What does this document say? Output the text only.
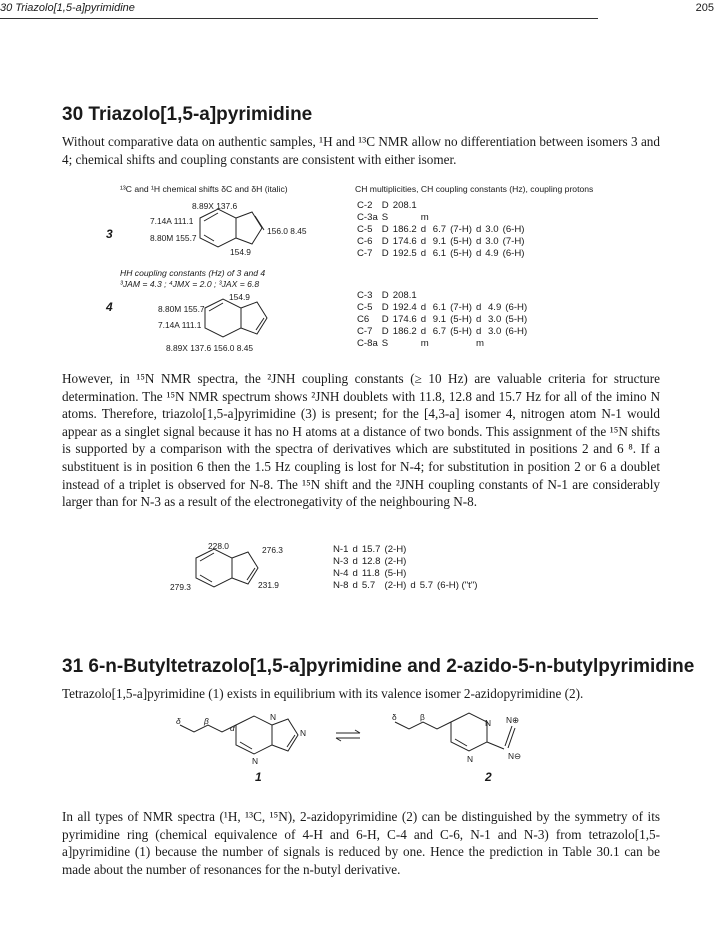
30 Triazolo[1,5-a]pyrimidine	205
30 Triazolo[1,5-a]pyrimidine
Without comparative data on authentic samples, ¹H and ¹³C NMR allow no differentiation between isomers 3 and 4; chemical shifts and coupling constants are consistent with either isomer.
¹³C and ¹H chemical shifts δC and δH (italic)	CH multiplicities, CH coupling constants (Hz), coupling protons
3
8.89X 137.6
7.14A 111.1
8.80M 155.7
156.0 8.45
154.9
C-2	D	208.1						
C-3a	S		m					
C-5	D	186.2	d	6.7	(7-H)	d	3.0	(6-H)
C-6	D	174.6	d	9.1	(5-H)	d	3.0	(7-H)
C-7	D	192.5	d	6.1	(5-H)	d	4.9	(6-H)
HH coupling constants (Hz) of 3 and 4
³JAM = 4.3 ; ⁴JMX = 2.0 ; ³JAX = 6.8
4
154.9
8.80M 155.7
7.14A 111.1
8.89X 137.6 156.0 8.45
C-3	D	208.1						
C-5	D	192.4	d	6.1	(7-H)	d	4.9	(6-H)
C6	D	174.6	d	9.1	(5-H)	d	3.0	(5-H)
C-7	D	186.2	d	6.7	(5-H)	d	3.0	(6-H)
C-8a	S		m			m		
However, in ¹⁵N NMR spectra, the ²JNH coupling constants (≥ 10 Hz) are valuable criteria for structure determination. The ¹⁵N NMR spectrum shows ²JNH doublets with 11.8, 12.8 and 15.7 Hz for all of the imino N atoms. Therefore, triazolo[1,5-a]pyrimidine (3) is present; for the [4,3-a] isomer 4, nitrogen atom N-1 would appear as a singlet signal because it has no H atoms at a distance of two bonds. This assignment of the ¹⁵N shifts is supported by a comparison with the spectra of derivatives which are substituted in positions 2 and 6 ⁸. If a substituent is in position 6 then the 1.5 Hz coupling is lost for N-4; for substitution in position 2 or 6 a doublet instead of a triplet is observed for N-8. The ¹⁵N shift and the ²JNH coupling constants of N-1 are considerably larger than for N-3 as a result of the electronegativity of the neighbouring N-8.
228.0	276.3
279.3	231.9
N-1	d	15.7	(2-H)			
N-3	d	12.8	(2-H)			
N-4	d	11.8	(5-H)			
N-8	d	5.7	(2-H)	d	5.7	(6-H) ("t")
31 6-n-Butyltetrazolo[1,5-a]pyrimidine and 2-azido-5-n-butylpyrimidine
Tetrazolo[1,5-a]pyrimidine (1) exists in equilibrium with its valence isomer 2-azidopyrimidine (2).
δ	β
α
N
N
N
δ	β
N
N
N⊕
N⊖
1	2
In all types of NMR spectra (¹H, ¹³C, ¹⁵N), 2-azidopyrimidine (2) can be distinguished by the symmetry of its pyrimidine ring (chemical equivalence of 4-H and 6-H, C-4 and C-6, N-1 and N-3) from tetrazolo[1,5-a]pyrimidine (1) because the number of signals is reduced by one. Hence the prediction in Table 30.1 can be made about the number of resonances for the n-butyl derivative.
